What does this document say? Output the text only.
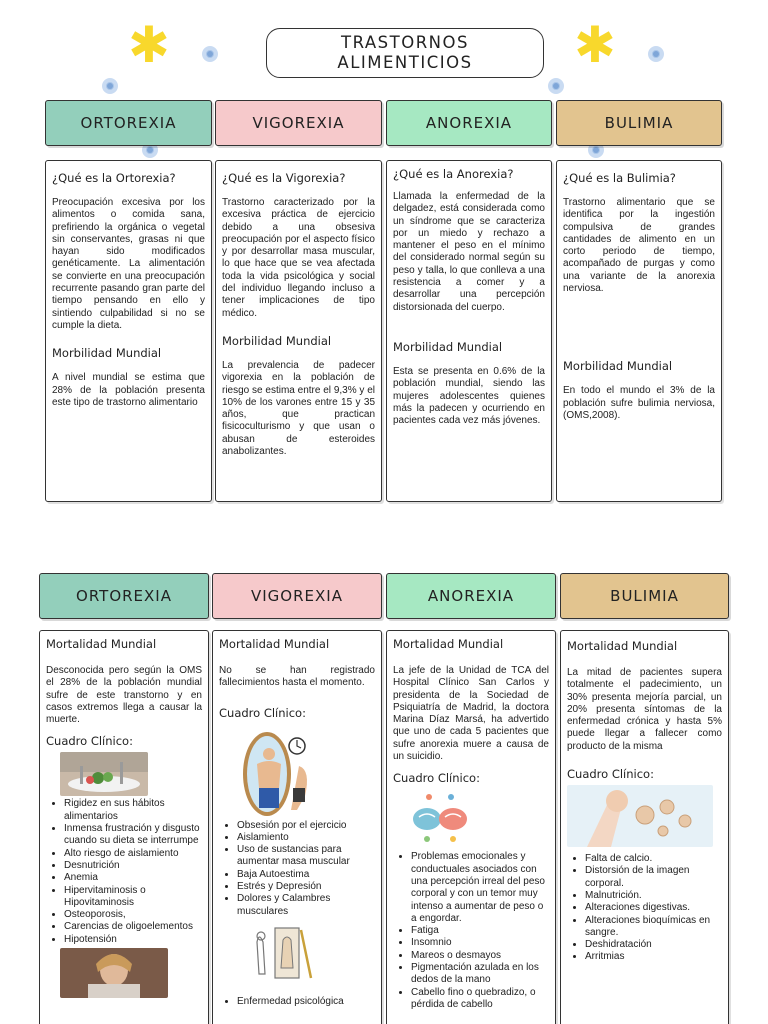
✱	✱
TRASTORNOS
ALIMENTICIOS
ORTOREXIA	VIGOREXIA	ANOREXIA	BULIMIA
¿Qué es la Ortorexia?
Preocupación excesiva por los alimentos o comida sana, prefiriendo la orgánica o vegetal sin conservantes, grasas ni que hayan sido modificados genéticamente. La alimentación se convierte en una preocupación recurrente pasando gran parte del tiempo pensando en ello y sintiendo culpabilidad si no se cumple la dieta.
Morbilidad Mundial
A nivel mundial se estima que 28% de la población presenta este tipo de trastorno alimentario
¿Qué es la Vigorexia?
Trastorno caracterizado por la excesiva práctica de ejercicio debido a una obsesiva preocupación por el aspecto físico y por desarrollar masa muscular, lo que hace que se vea afectada toda la vida psicológica y social del individuo llegando incluso a tener implicaciones de tipo médico.
Morbilidad Mundial
La prevalencia de padecer vigorexia en la población de riesgo se estima entre el 9,3% y el 10% de los varones entre 15 y 35 años, que practican fisicoculturismo y que usan o abusan de esteroides anabolizantes.
¿Qué es la Anorexia?
Llamada la enfermedad de la delgadez, está considerada como un síndrome que se caracteriza por un miedo y rechazo a mantener el peso en el mínimo del considerado normal según su peso y talla, lo que conlleva a una resistencia a comer y a desarrollar una percepción distorsionada del cuerpo.
Morbilidad Mundial
Esta se presenta en 0.6% de la población mundial, siendo las mujeres adolescentes quienes más la padecen y ocurriendo en pacientes cada vez más jóvenes.
¿Qué es la Bulimia?
Trastorno alimentario que se identifica por la ingestión compulsiva de grandes cantidades de alimento en un corto periodo de tiempo, acompañado de purgas y como una variante de la anorexia nerviosa.
Morbilidad Mundial
En todo el mundo el 3% de la población sufre bulimia nerviosa, (OMS,2008).
ORTOREXIA	VIGOREXIA	ANOREXIA	BULIMIA
Mortalidad Mundial
Desconocida pero según la OMS el 28% de la población mundial sufre de este transtorno y en casos extremos llega a causar la muerte.
Cuadro Clínico:
• Rigidez en sus hábitos alimentarios
• Inmensa frustración y disgusto cuando su dieta se interrumpe
• Alto riesgo de aislamiento
• Desnutrición
• Anemia
• Hipervitaminosis o Hipovitaminosis
• Osteoporosis,
• Carencias de oligoelementos
• Hipotensión
Mortalidad Mundial
No se han registrado fallecimientos hasta el momento.
Cuadro Clínico:
• Obsesión por el ejercicio
• Aislamiento
• Uso de sustancias para aumentar masa muscular
• Baja Autoestima
• Estrés y Depresión
• Dolores y Calambres musculares
• Enfermedad psicológica
Mortalidad Mundial
La jefe de la Unidad de TCA del Hospital Clínico San Carlos y presidenta de la Sociedad de Psiquiatría de Madrid, la doctora Marina Díaz Marsá, ha advertido que uno de cada 5 pacientes que sufre anorexia muere a causa de un suicidio.
Cuadro Clínico:
• Problemas emocionales y conductuales asociados con una percepción irreal del peso corporal y con un temor muy intenso a aumentar de peso o a engordar.
• Fatiga
• Insomnio
• Mareos o desmayos
• Pigmentación azulada en los dedos de la mano
• Cabello fino o quebradizo, o pérdida de cabello
Mortalidad Mundial
La mitad de pacientes supera totalmente el padecimiento, un 30% presenta mejoría parcial, un 20% presenta síntomas de la enfermedad crónica y hasta 5% puede llegar a fallecer como producto de la misma
Cuadro Clínico:
• Falta de calcio.
• Distorsión de la imagen corporal.
• Malnutrición.
• Alteraciones digestivas.
• Alteraciones bioquímicas en sangre.
• Deshidratación
• Arritmias
